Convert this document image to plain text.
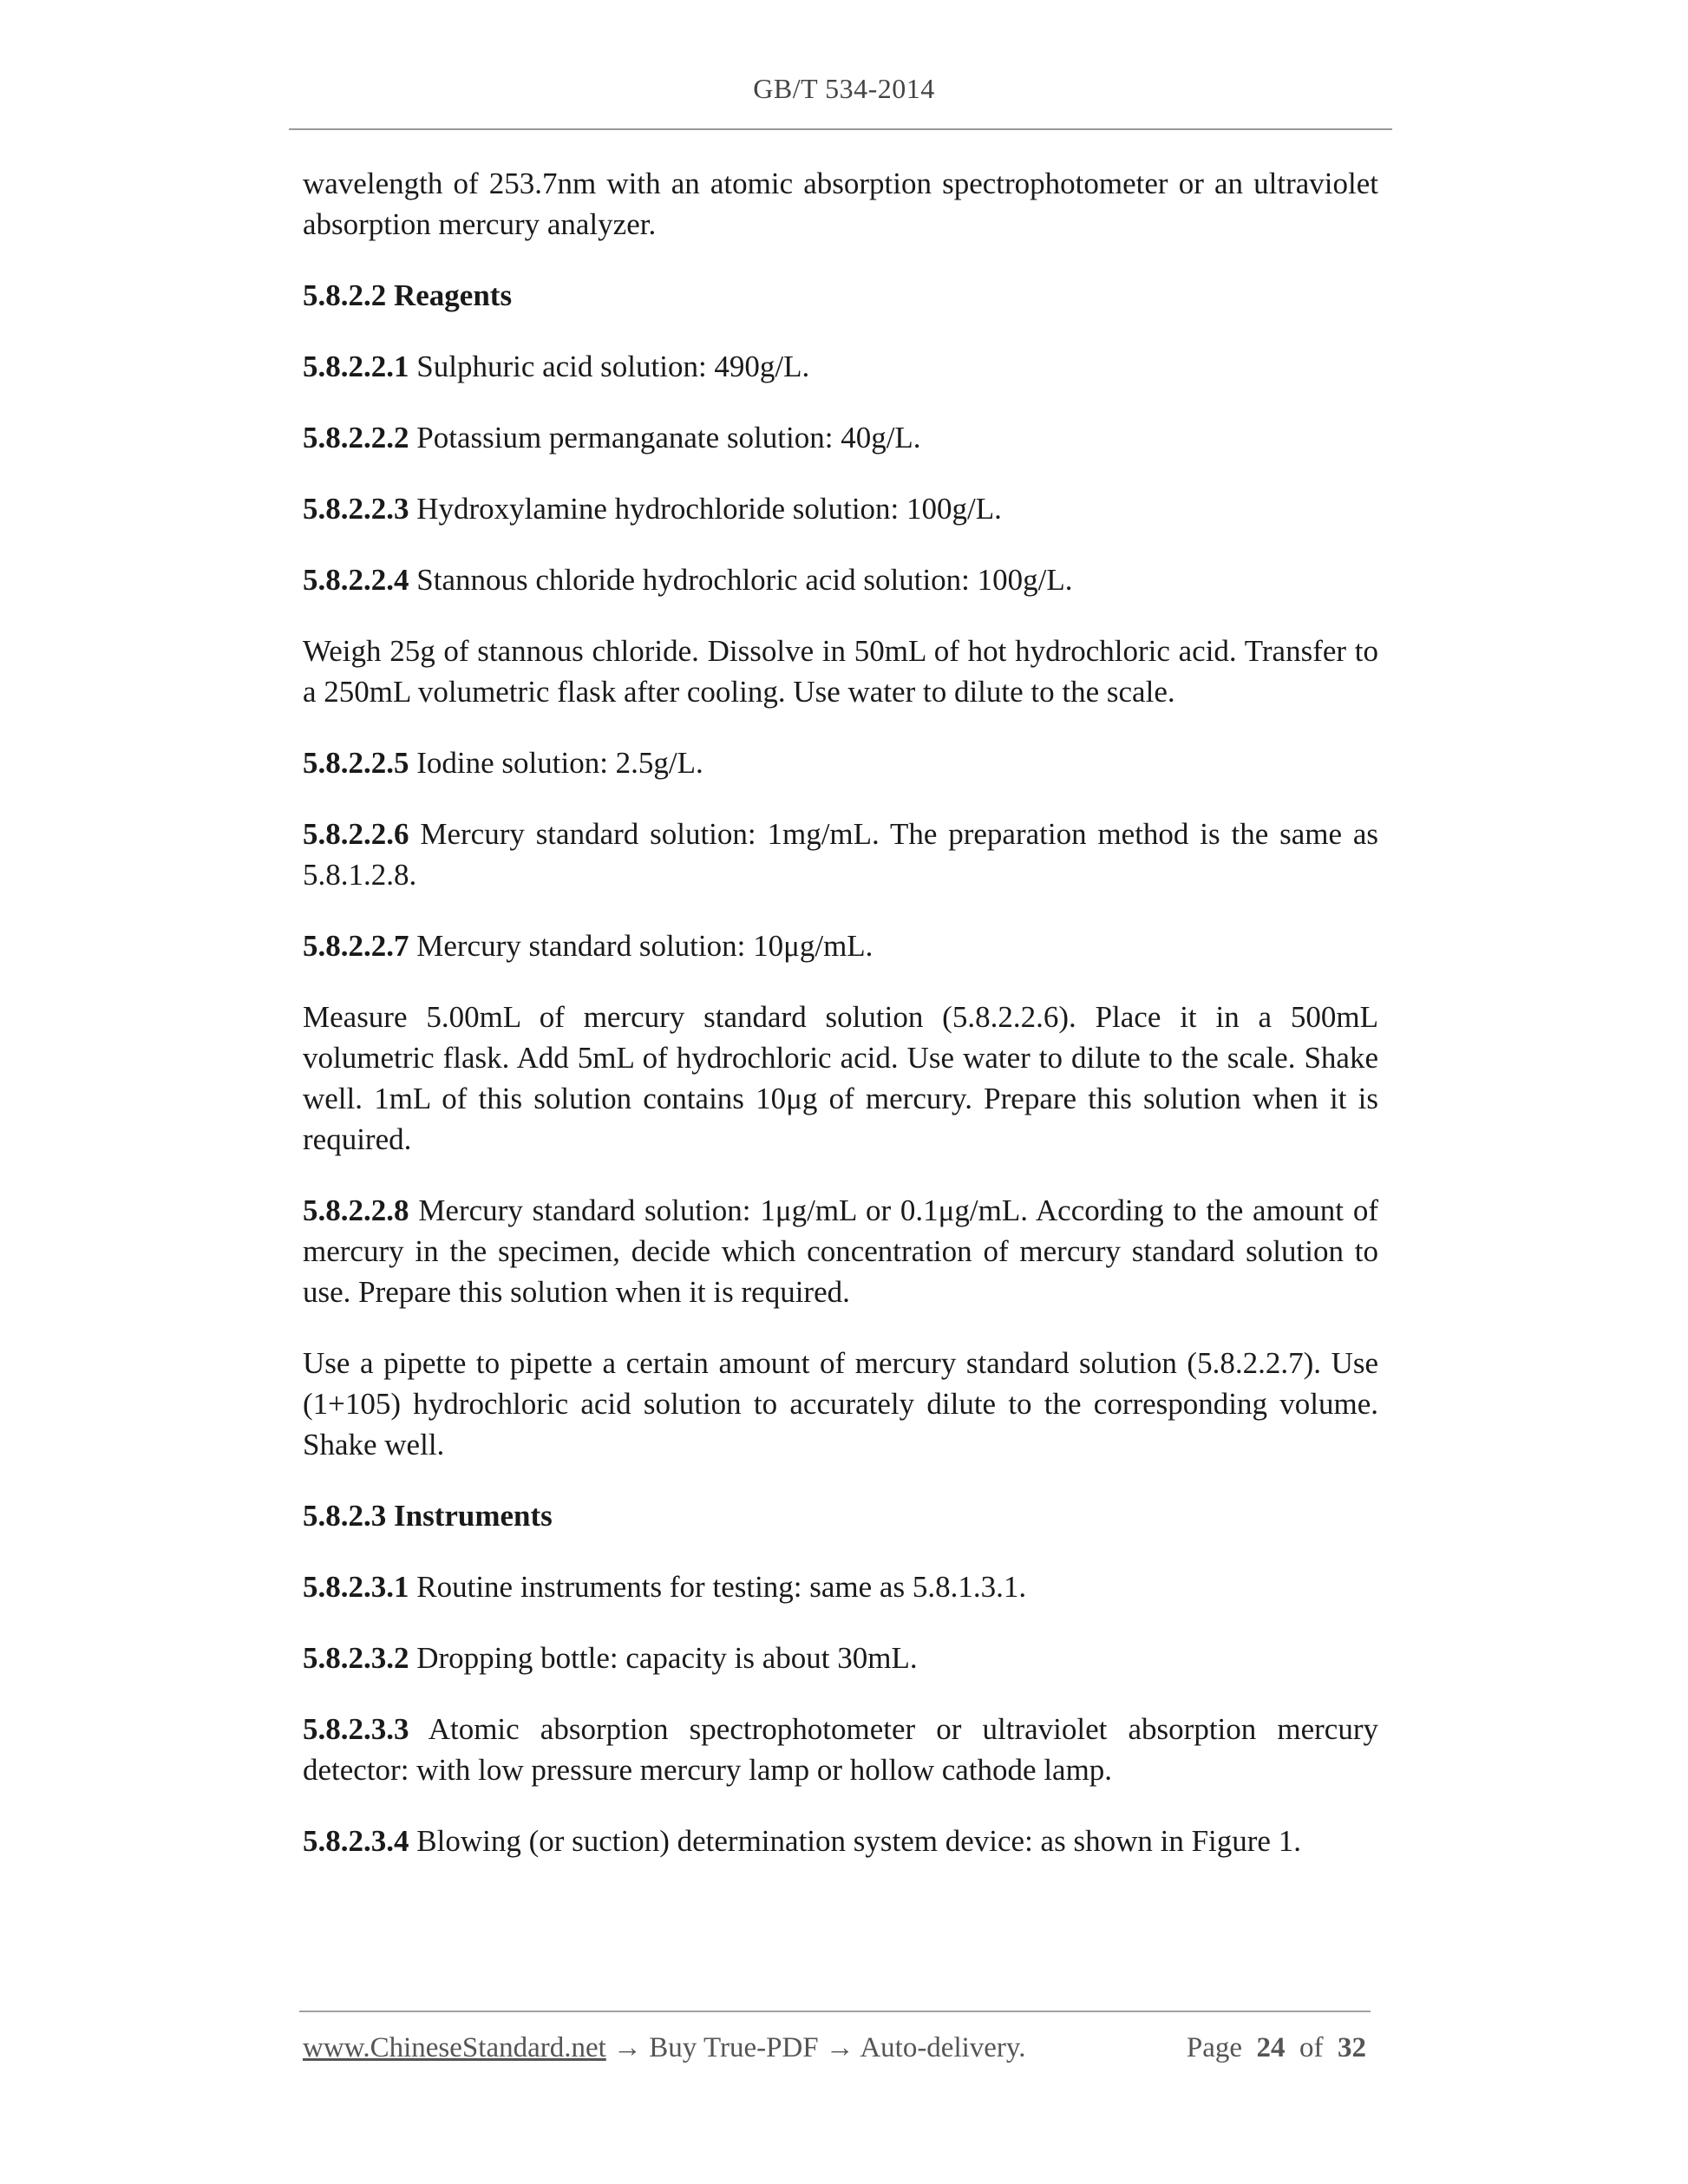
GB/T 534-2014

wavelength of 253.7nm with an atomic absorption spectrophotometer or an ultraviolet absorption mercury analyzer.

5.8.2.2 Reagents

5.8.2.2.1 Sulphuric acid solution: 490g/L.

5.8.2.2.2 Potassium permanganate solution: 40g/L.

5.8.2.2.3 Hydroxylamine hydrochloride solution: 100g/L.

5.8.2.2.4 Stannous chloride hydrochloric acid solution: 100g/L.

Weigh 25g of stannous chloride. Dissolve in 50mL of hot hydrochloric acid. Transfer to a 250mL volumetric flask after cooling. Use water to dilute to the scale.

5.8.2.2.5 Iodine solution: 2.5g/L.

5.8.2.2.6 Mercury standard solution: 1mg/mL. The preparation method is the same as 5.8.1.2.8.

5.8.2.2.7 Mercury standard solution: 10μg/mL.

Measure 5.00mL of mercury standard solution (5.8.2.2.6). Place it in a 500mL volumetric flask. Add 5mL of hydrochloric acid. Use water to dilute to the scale. Shake well. 1mL of this solution contains 10μg of mercury. Prepare this solution when it is required.

5.8.2.2.8 Mercury standard solution: 1μg/mL or 0.1μg/mL. According to the amount of mercury in the specimen, decide which concentration of mercury standard solution to use. Prepare this solution when it is required.

Use a pipette to pipette a certain amount of mercury standard solution (5.8.2.2.7). Use (1+105) hydrochloric acid solution to accurately dilute to the corresponding volume. Shake well.

5.8.2.3 Instruments

5.8.2.3.1 Routine instruments for testing: same as 5.8.1.3.1.

5.8.2.3.2 Dropping bottle: capacity is about 30mL.

5.8.2.3.3 Atomic absorption spectrophotometer or ultraviolet absorption mercury detector: with low pressure mercury lamp or hollow cathode lamp.

5.8.2.3.4 Blowing (or suction) determination system device: as shown in Figure 1.

www.ChineseStandard.net → Buy True-PDF → Auto-delivery.	Page 24 of 32
